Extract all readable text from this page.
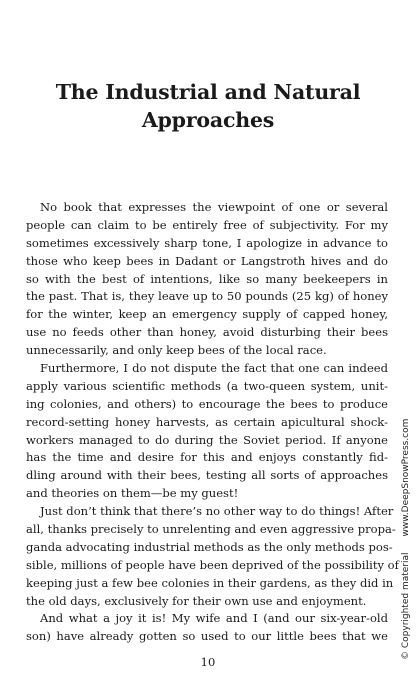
The Industrial and Natural
Approaches
No book that expresses the viewpoint of one or several
people can claim to be entirely free of subjectivity. For my
sometimes excessively sharp tone, I apologize in advance to
those who keep bees in Dadant or Langstroth hives and do
so with the best of intentions, like so many beekeepers in
the past. That is, they leave up to 50 pounds (25 kg) of honey
for the winter, keep an emergency supply of capped honey,
use no feeds other than honey, avoid disturbing their bees
unnecessarily, and only keep bees of the local race.
Furthermore, I do not dispute the fact that one can indeed
apply various scientific methods (a two-queen system, unit-
ing colonies, and others) to encourage the bees to produce
record-setting honey harvests, as certain apicultural shock-
workers managed to do during the Soviet period. If anyone
has the time and desire for this and enjoys constantly fid-
dling around with their bees, testing all sorts of approaches
and theories on them—be my guest!
Just don’t think that there’s no other way to do things! After
all, thanks precisely to unrelenting and even aggressive propa-
ganda advocating industrial methods as the only methods pos-
sible, millions of people have been deprived of the possibility of
keeping just a few bee colonies in their gardens, as they did in
the old days, exclusively for their own use and enjoyment.
And what a joy it is! My wife and I (and our six-year-old
son) have already gotten so used to our little bees that we
10
© Copyrighted materialwww.DeepSnowPress.com
